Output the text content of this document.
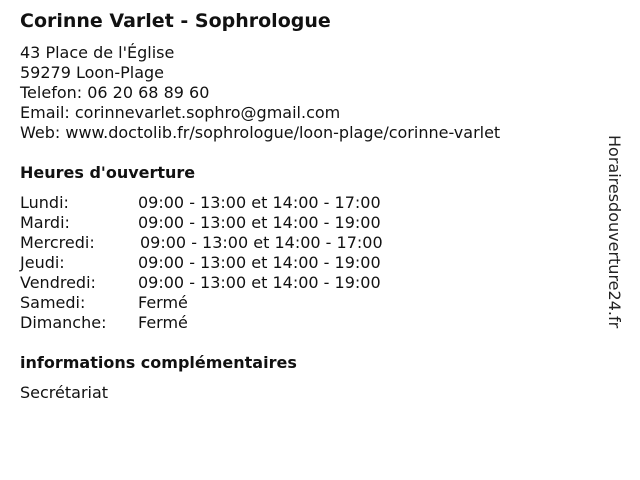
Corinne Varlet - Sophrologue
43 Place de l'Église
59279 Loon-Plage
Telefon: 06 20 68 89 60
Email: corinnevarlet.sophro@gmail.com
Web: www.doctolib.fr/sophrologue/loon-plage/corinne-varlet
Heures d'ouverture
Lundi:	09:00 - 13:00 et 14:00 - 17:00
Mardi:	09:00 - 13:00 et 14:00 - 19:00
Mercredi:	09:00 - 13:00 et 14:00 - 17:00
Jeudi:	09:00 - 13:00 et 14:00 - 19:00
Vendredi:	09:00 - 13:00 et 14:00 - 19:00
Samedi:	Fermé
Dimanche: Fermé
informations complémentaires
Secrétariat
Horairesdouverture24.fr
